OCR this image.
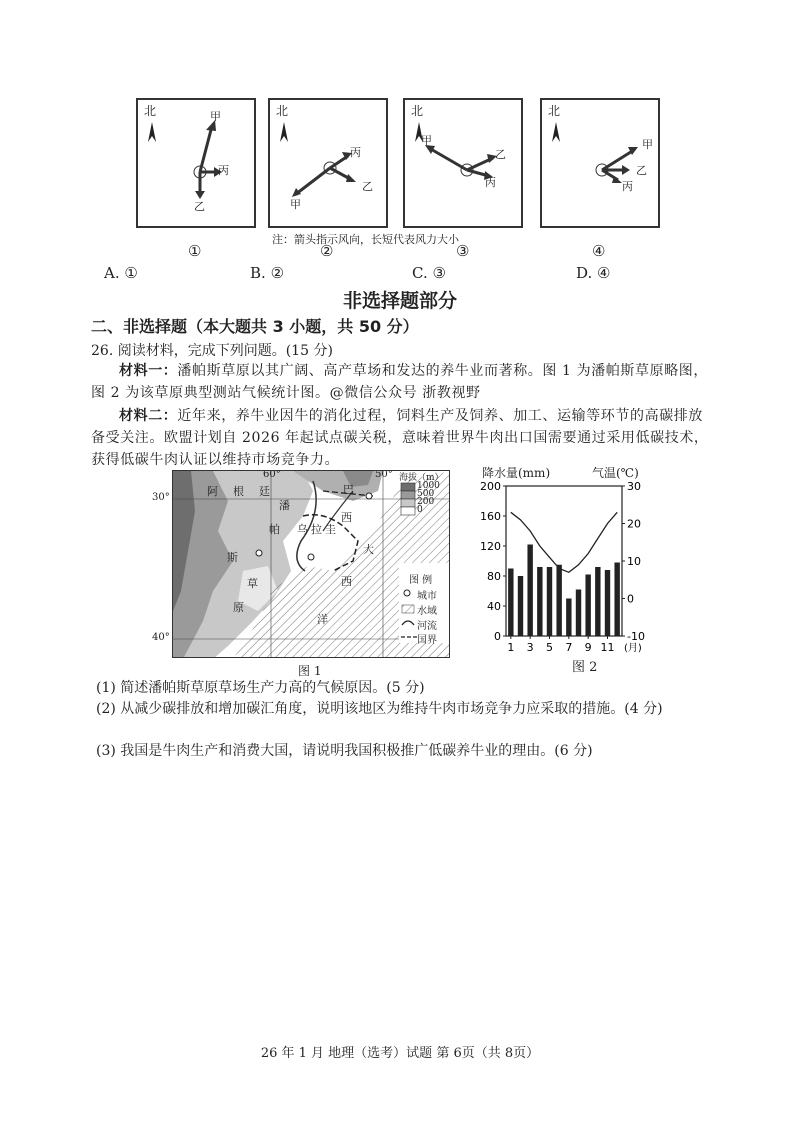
北	甲
丙
乙
①
北
丙
乙
甲
②
北
甲
乙
丙
③
北
甲
乙
丙
④
注：箭头指示风向，长短代表风力大小
A. ①	B. ②	C. ③	D. ④
非选择题部分
二、非选择题（本大题共 3 小题，共 50 分）
26. 阅读材料，完成下列问题。(15 分)
材料一：潘帕斯草原以其广阔、高产草场和发达的养牛业而著称。图 1 为潘帕斯草原略图，图 2 为该草原典型测站气候统计图。@微信公众号 浙教视野
材料二：近年来，养牛业因牛的消化过程，饲料生产及饲养、加工、运输等环节的高碳排放备受关注。欧盟计划自 2026 年起试点碳关税，意味着世界牛肉出口国需要通过采用低碳技术，获得低碳牛肉认证以维持市场竞争力。
60°	50°
阿 根 廷
潘
帕
斯
草
原
乌 拉 圭
巴
西
大
西
洋
海拔（m）
1000
500
200
0
图 例
城市
水域
河流
国界
30°
40°
图 1
降水量(mm)	气温(℃)
0
40
80
120
160
200
-10
0
10
20
30
1 3 5 7 9 11 (月)
图 2
(1) 简述潘帕斯草原草场生产力高的气候原因。(5 分)
(2) 从减少碳排放和增加碳汇角度，说明该地区为维持牛肉市场竞争力应采取的措施。(4 分)
(3) 我国是牛肉生产和消费大国，请说明我国积极推广低碳养牛业的理由。(6 分)
26 年 1 月 地理（选考）试题 第 6页（共 8页）
